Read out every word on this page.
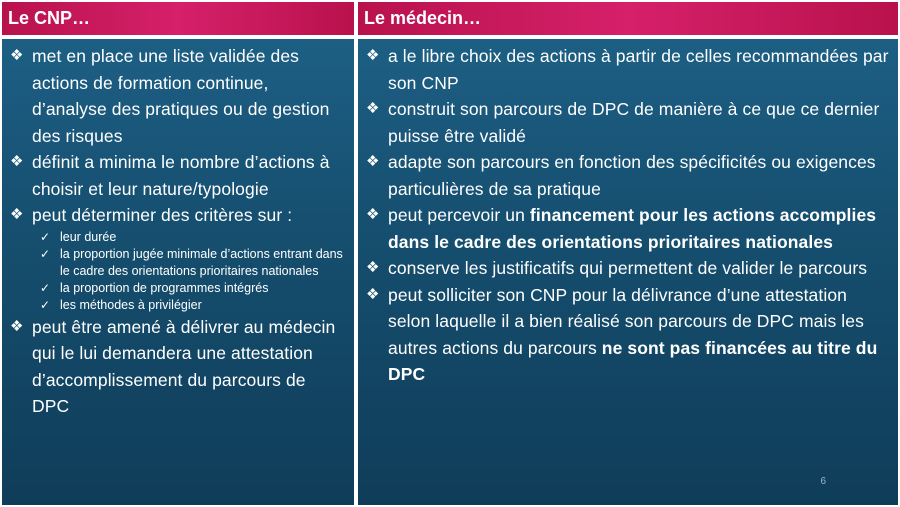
Le CNP…	Le médecin…
❖ met en place une liste validée des actions de formation continue, d’analyse des pratiques ou de gestion des risques
❖ définit a minima le nombre d’actions à choisir et leur nature/typologie
❖ peut déterminer des critères sur :
✓ leur durée
✓ la proportion jugée minimale d’actions entrant dans le cadre des orientations prioritaires nationales
✓ la proportion de programmes intégrés
✓ les méthodes à privilégier
❖ peut être amené à délivrer au médecin qui le lui demandera une attestation d’accomplissement du parcours de DPC
❖ a le libre choix des actions à partir de celles recommandées par son CNP
❖ construit son parcours de DPC de manière à ce que ce dernier puisse être validé
❖ adapte son parcours en fonction des spécificités ou exigences particulières de sa pratique
❖ peut percevoir un financement pour les actions accomplies dans le cadre des orientations prioritaires nationales
❖ conserve les justificatifs qui permettent de valider le parcours
❖ peut solliciter son CNP pour la délivrance d’une attestation selon laquelle il a bien réalisé son parcours de DPC mais les autres actions du parcours ne sont pas financées au titre du DPC
6
